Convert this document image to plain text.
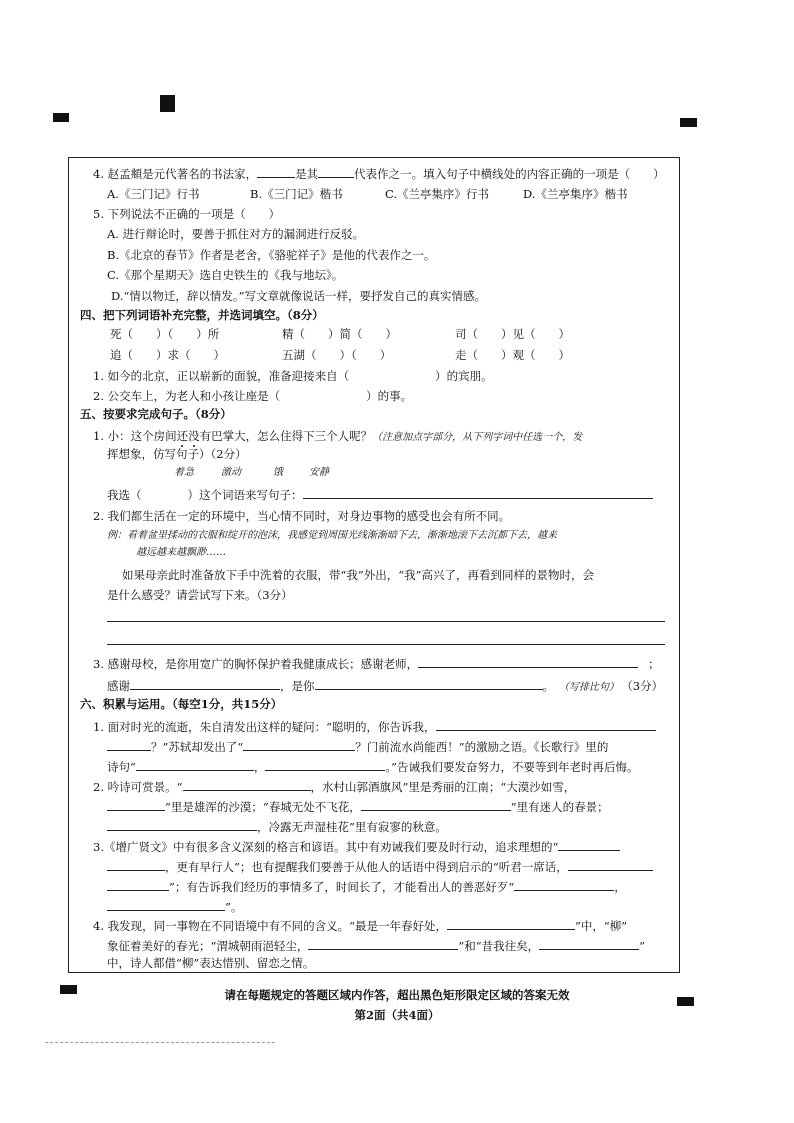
4. 赵孟頫是元代著名的书法家，	是其	代表作之一。填入句子中横线处的内容正确的一项是（　　）
A.《三门记》行书	B.《三门记》楷书	C.《兰亭集序》行书	D.《兰亭集序》楷书
5. 下列说法不正确的一项是（　　）
A. 进行辩论时，要善于抓住对方的漏洞进行反驳。
B.《北京的春节》作者是老舍，《骆驼祥子》是他的代表作之一。
C.《那个星期天》选自史铁生的《我与地坛》。
D.“情以物迁，辞以情发。”写文章就像说话一样，要抒发自己的真实情感。
四、把下列词语补充完整，并选词填空。（8分）
死（　　）（　　）所	精（　　）简（　　）	司（　　）见（　　）
追（　　）求（　　）	五湖（　　）（　　）	走（　　）观（　　）
1. 如今的北京，正以崭新的面貌，准备迎接来自（	）的宾朋。
2. 公交车上，为老人和小孩让座是（	）的事。
五、按要求完成句子。（8分）
1. 小：这个房间还没有巴掌大，怎么住得下三个人呢？（注意加点字部分，从下列字词中任选一个，发
挥想象，仿写句子）（2分）
着急	激动	饿	安静
我选（	）这个词语来写句子：
2. 我们都生活在一定的环境中，当心情不同时，对身边事物的感受也会有所不同。
例：看着盆里揉动的衣服和绽开的泡沫，我感觉到周围光线渐渐暗下去，渐渐地滚下去沉都下去，越来
越远越来越飘渺……
如果母亲此时准备放下手中洗着的衣服，带“我”外出，“我”高兴了，再看到同样的景物时，会
是什么感受？请尝试写下来。（3分）
3. 感谢母校，是你用宽广的胸怀保护着我健康成长；感谢老师，	；
感谢	，是你	。 （写排比句） （3分）
六、积累与运用。（每空1分，共15分）
1. 面对时光的流逝，朱自清发出这样的疑问：“聪明的，你告诉我，
？”苏轼却发出了“	？门前流水尚能西！”的激励之语。《长歌行》里的
诗句“	，	。”告诫我们要发奋努力，不要等到年老时再后悔。
2. 吟诗可赏景。“	，水村山郭酒旗风”里是秀丽的江南；“大漠沙如雪，
”里是雄浑的沙漠；“春城无处不飞花，	”里有迷人的春景；
，冷露无声湿桂花”里有寂寥的秋意。
3.《增广贤文》中有很多含义深刻的格言和谚语。其中有劝诫我们要及时行动，追求理想的“
，更有早行人”；也有提醒我们要善于从他人的话语中得到启示的“听君一席话，
”；有告诉我们经历的事情多了，时间长了，才能看出人的善恶好歹“	，
”。
4. 我发现，同一事物在不同语境中有不同的含义。“最是一年春好处，	”中，“柳”
象征着美好的春光；“渭城朝雨浥轻尘，	”和“昔我往矣，	”
中，诗人都借“柳”表达惜别、留恋之情。
请在每题规定的答题区域内作答，超出黑色矩形限定区域的答案无效
第2面（共4面）
